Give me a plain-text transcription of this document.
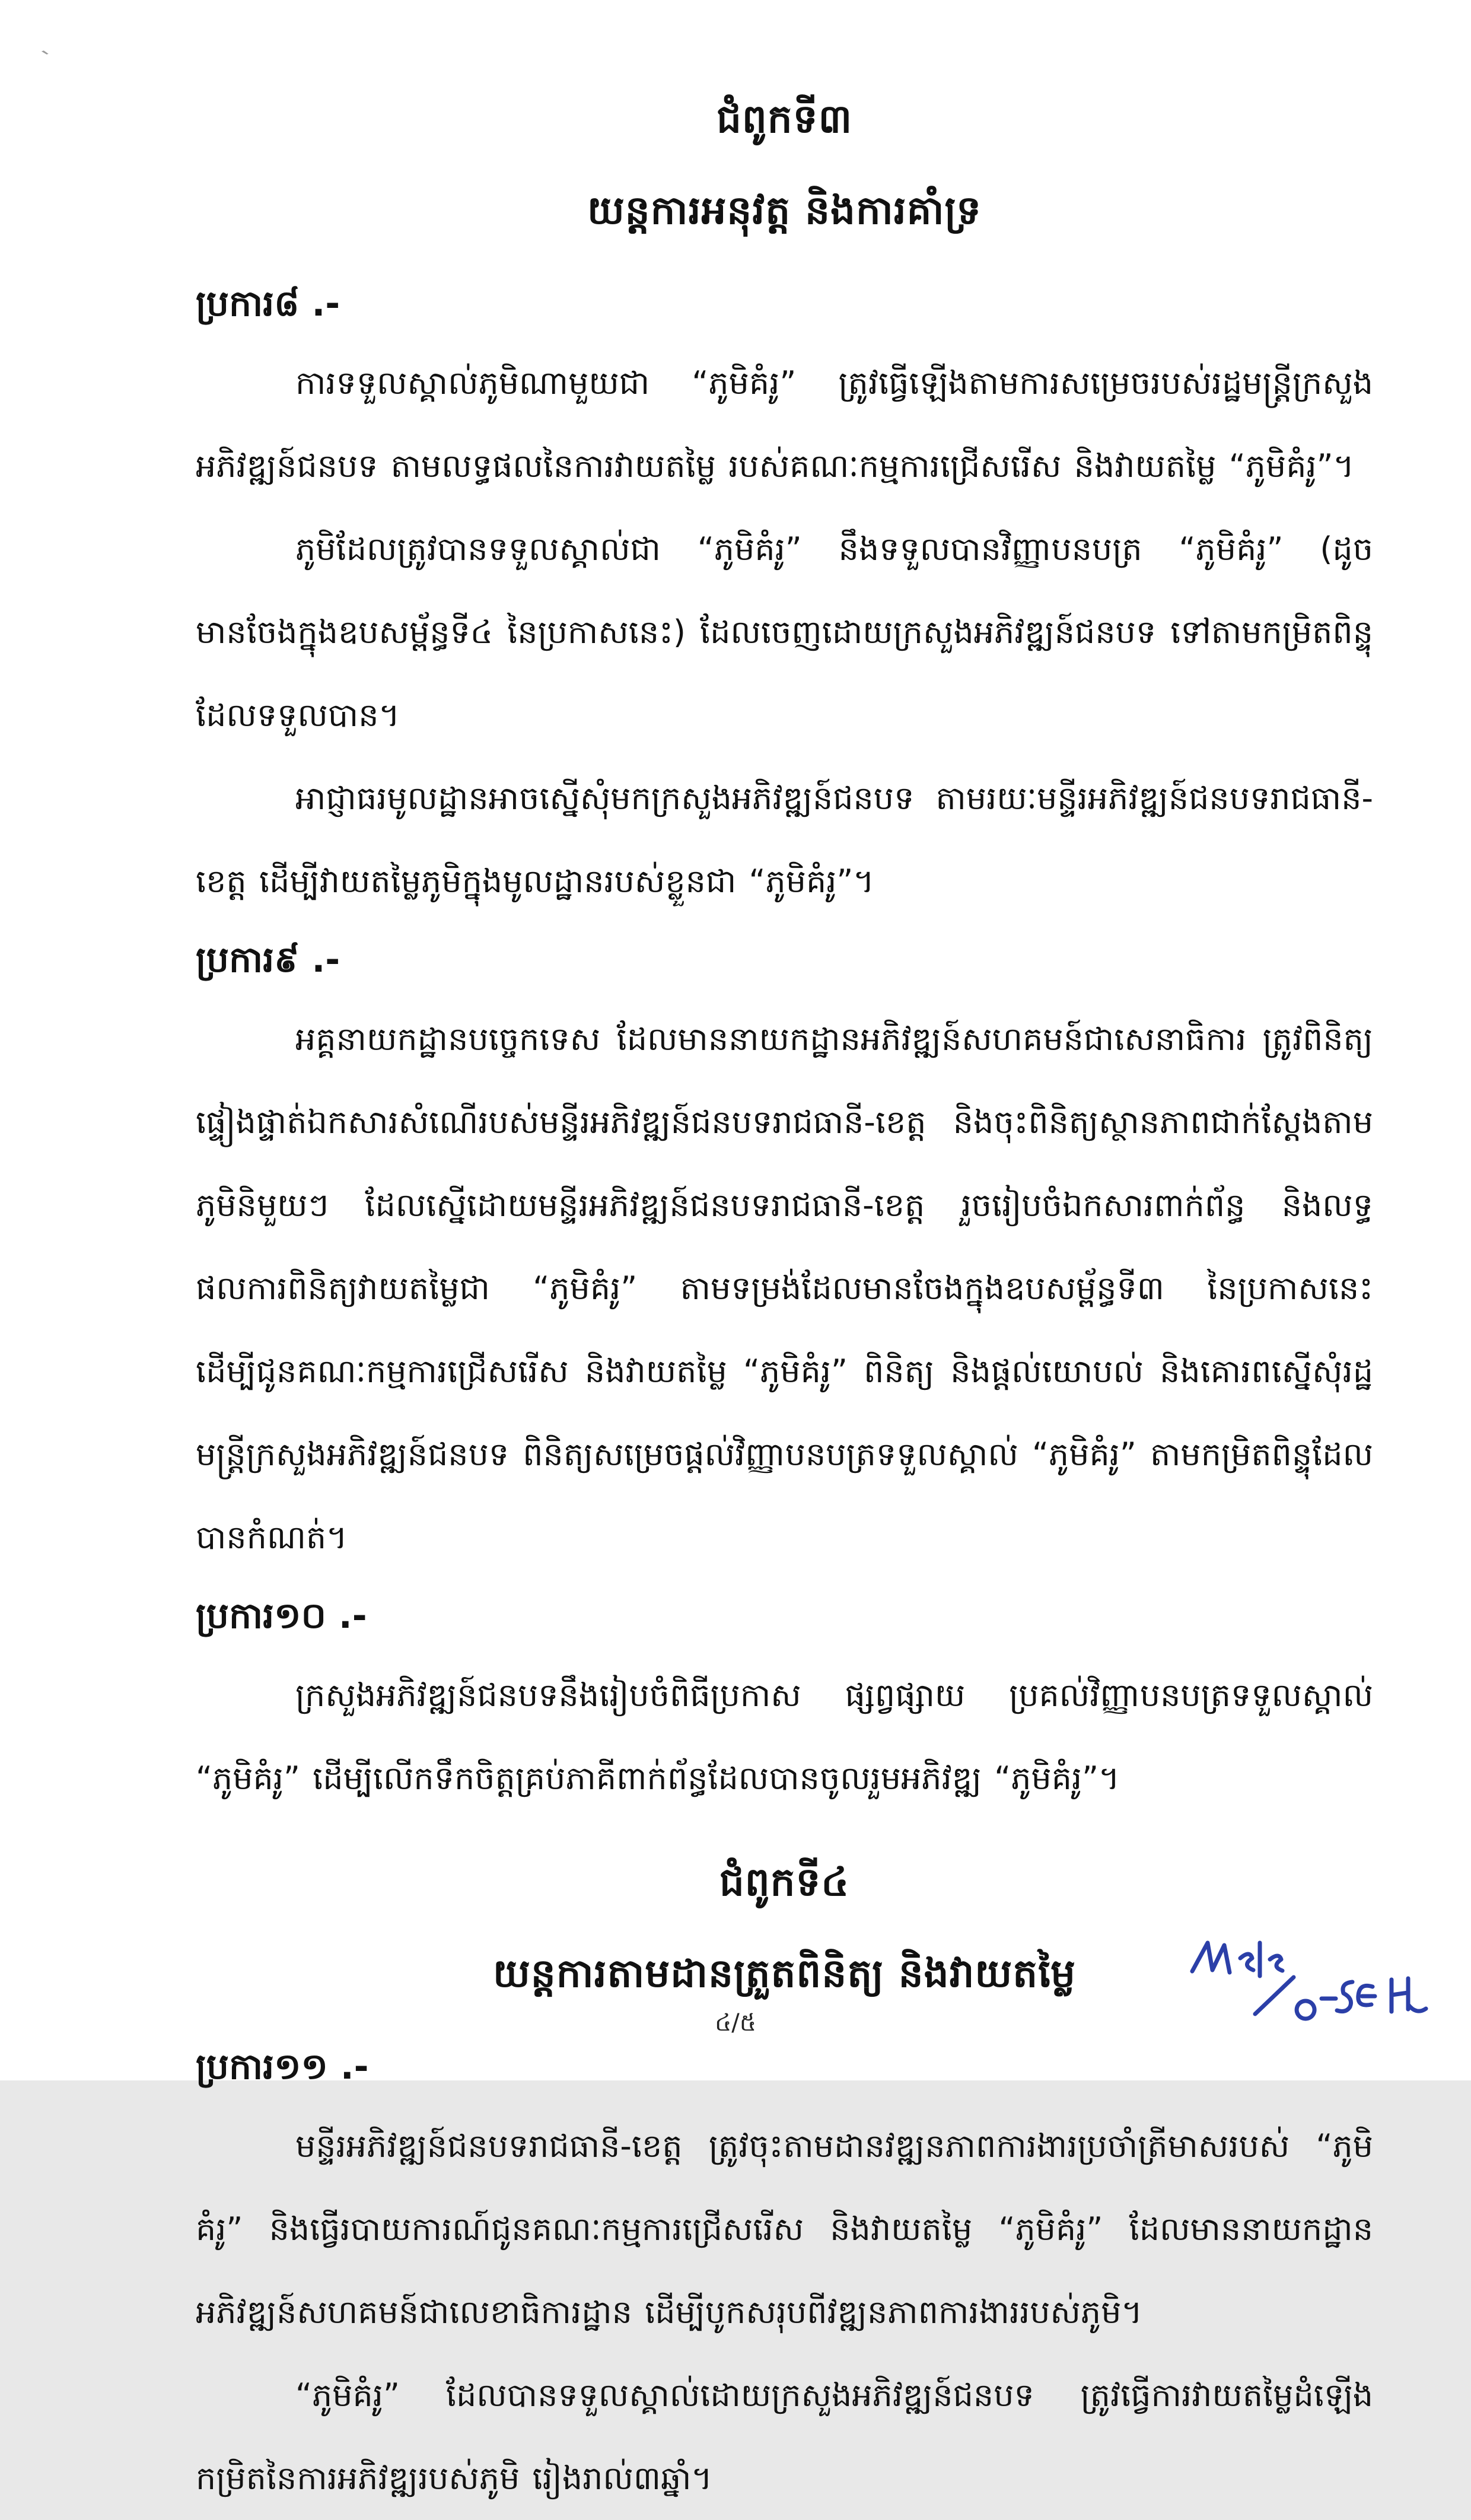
`
ជំពូកទី៣
យន្តការអនុវត្ត និងការគាំទ្រ
ប្រការ៨ .-

ការទទួលស្គាល់ភូមិណាមួយជា “ភូមិគំរូ” ត្រូវធ្វើឡើងតាមការសម្រេចរបស់រដ្ឋមន្ត្រីក្រសួងអភិវឌ្ឍន៍ជនបទ តាមលទ្ធផលនៃការវាយតម្លៃ របស់គណៈកម្មការជ្រើសរើស និងវាយតម្លៃ “ភូមិគំរូ”។

ភូមិដែលត្រូវបានទទួលស្គាល់ជា “ភូមិគំរូ” នឹងទទួលបានវិញ្ញាបនបត្រ “ភូមិគំរូ” (ដូចមានចែងក្នុងឧបសម្ព័ន្ធទី៤ នៃប្រកាសនេះ) ដែលចេញដោយក្រសួងអភិវឌ្ឍន៍ជនបទ ទៅតាមកម្រិតពិន្ទុដែលទទួលបាន។

អាជ្ញាធរមូលដ្ឋានអាចស្នើសុំមកក្រសួងអភិវឌ្ឍន៍ជនបទ តាមរយៈមន្ទីរអភិវឌ្ឍន៍ជនបទរាជធានី-ខេត្ត ដើម្បីវាយតម្លៃភូមិក្នុងមូលដ្ឋានរបស់ខ្លួនជា “ភូមិគំរូ”។

ប្រការ៩ .-

អគ្គនាយកដ្ឋានបច្ចេកទេស ដែលមាននាយកដ្ឋានអភិវឌ្ឍន៍សហគមន៍ជាសេនាធិការ ត្រូវពិនិត្យផ្ទៀងផ្ទាត់ឯកសារសំណើរបស់មន្ទីរអភិវឌ្ឍន៍ជនបទរាជធានី-ខេត្ត និងចុះពិនិត្យស្ថានភាពជាក់ស្តែងតាមភូមិនិមួយៗ ដែលស្នើដោយមន្ទីរអភិវឌ្ឍន៍ជនបទរាជធានី-ខេត្ត រួចរៀបចំឯកសារពាក់ព័ន្ធ និងលទ្ធផលការពិនិត្យវាយតម្លៃជា “ភូមិគំរូ” តាមទម្រង់ដែលមានចែងក្នុងឧបសម្ព័ន្ធទី៣ នៃប្រកាសនេះ ដើម្បីជូនគណៈកម្មការជ្រើសរើស និងវាយតម្លៃ “ភូមិគំរូ” ពិនិត្យ និងផ្តល់យោបល់ និងគោរពស្នើសុំរដ្ឋមន្ត្រីក្រសួងអភិវឌ្ឍន៍ជនបទ ពិនិត្យសម្រេចផ្តល់វិញ្ញាបនបត្រទទួលស្គាល់ “ភូមិគំរូ” តាមកម្រិតពិន្ទុដែលបានកំណត់។

ប្រការ១០ .-

ក្រសួងអភិវឌ្ឍន៍ជនបទនឹងរៀបចំពិធីប្រកាស ផ្សព្វផ្សាយ ប្រគល់វិញ្ញាបនបត្រទទួលស្គាល់ “ភូមិគំរូ” ដើម្បីលើកទឹកចិត្តគ្រប់ភាគីពាក់ព័ន្ធដែលបានចូលរួមអភិវឌ្ឍ “ភូមិគំរូ”។

ជំពូកទី៤
យន្តការតាមដានត្រួតពិនិត្យ និងវាយតម្លៃ
ប្រការ១១ .-

មន្ទីរអភិវឌ្ឍន៍ជនបទរាជធានី-ខេត្ត ត្រូវចុះតាមដានវឌ្ឍនភាពការងារប្រចាំត្រីមាសរបស់ “ភូមិគំរូ” និងធ្វើរបាយការណ៍ជូនគណៈកម្មការជ្រើសរើស និងវាយតម្លៃ “ភូមិគំរូ” ដែលមាននាយកដ្ឋានអភិវឌ្ឍន៍សហគមន៍ជាលេខាធិការដ្ឋាន ដើម្បីបូកសរុបពីវឌ្ឍនភាពការងាររបស់ភូមិ។

“ភូមិគំរូ” ដែលបានទទួលស្គាល់ដោយក្រសួងអភិវឌ្ឍន៍ជនបទ ត្រូវធ្វើការវាយតម្លៃដំឡើងកម្រិតនៃការអភិវឌ្ឍរបស់ភូមិ រៀងរាល់៣ឆ្នាំ។

៤/៥
